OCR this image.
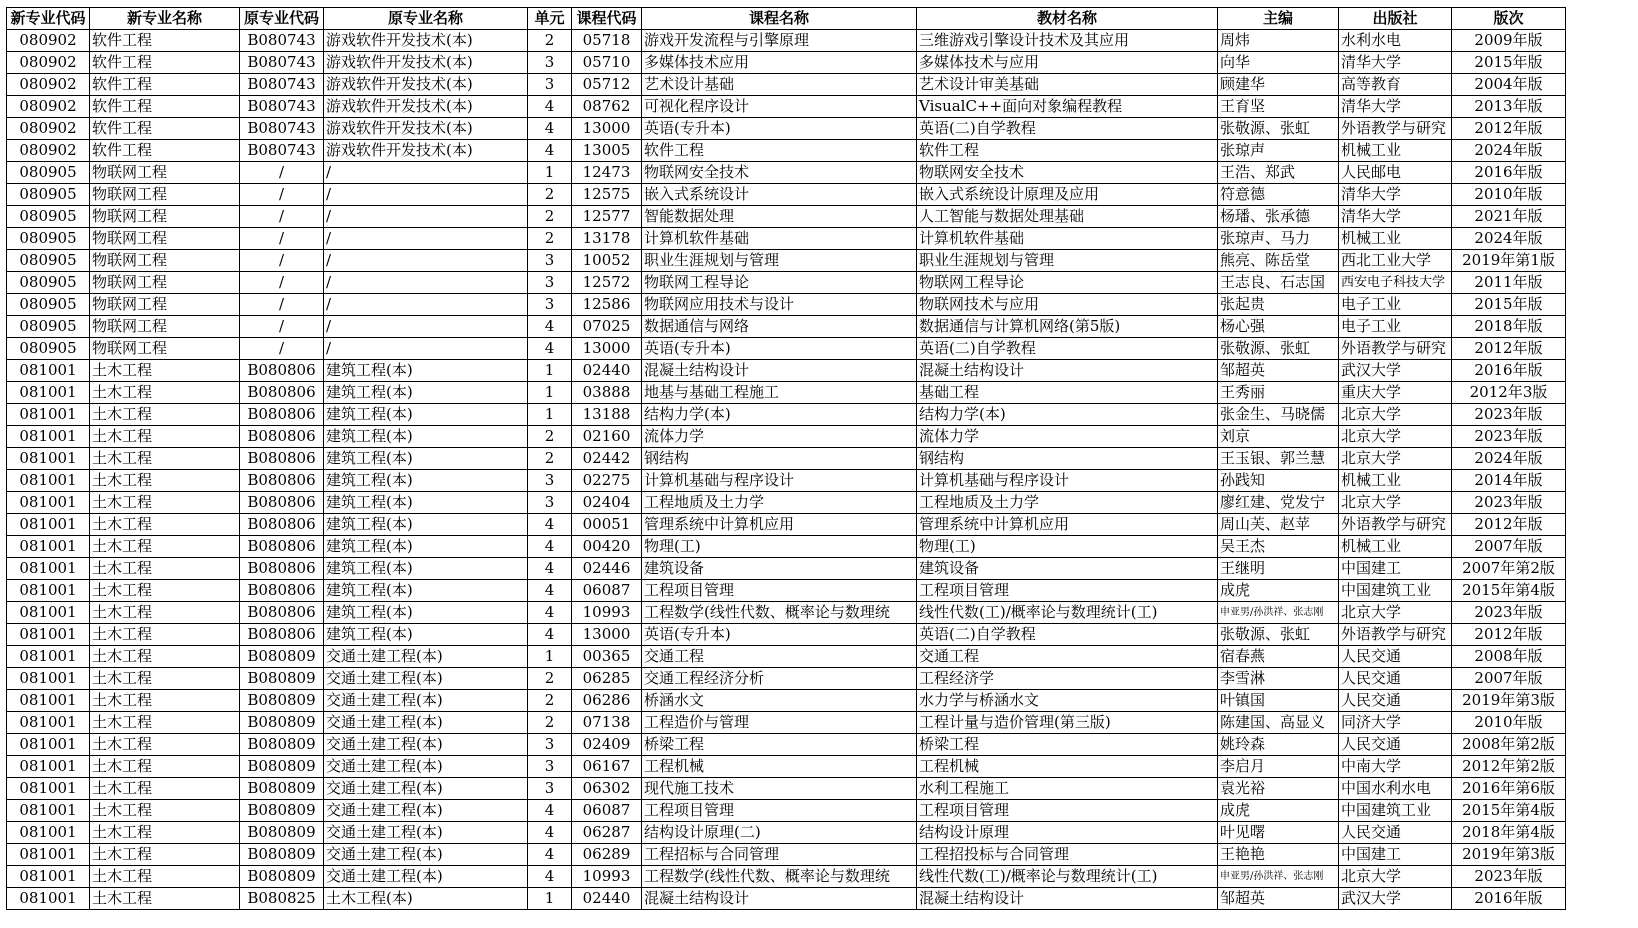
新专业代码	新专业名称	原专业代码	原专业名称	单元	课程代码	课程名称	教材名称	主编	出版社	版次
080902	软件工程	B080743	游戏软件开发技术(本)	2	05718	游戏开发流程与引擎原理	三维游戏引擎设计技术及其应用	周炜	水利水电	2009年版
080902	软件工程	B080743	游戏软件开发技术(本)	3	05710	多媒体技术应用	多媒体技术与应用	向华	清华大学	2015年版
080902	软件工程	B080743	游戏软件开发技术(本)	3	05712	艺术设计基础	艺术设计审美基础	顾建华	高等教育	2004年版
080902	软件工程	B080743	游戏软件开发技术(本)	4	08762	可视化程序设计	VisualC++面向对象编程教程	王育坚	清华大学	2013年版
080902	软件工程	B080743	游戏软件开发技术(本)	4	13000	英语(专升本)	英语(二)自学教程	张敬源、张虹	外语教学与研究	2012年版
080902	软件工程	B080743	游戏软件开发技术(本)	4	13005	软件工程	软件工程	张琼声	机械工业	2024年版
080905	物联网工程	/	/	1	12473	物联网安全技术	物联网安全技术	王浩、郑武	人民邮电	2016年版
080905	物联网工程	/	/	2	12575	嵌入式系统设计	嵌入式系统设计原理及应用	符意德	清华大学	2010年版
080905	物联网工程	/	/	2	12577	智能数据处理	人工智能与数据处理基础	杨璠、张承德	清华大学	2021年版
080905	物联网工程	/	/	2	13178	计算机软件基础	计算机软件基础	张琼声、马力	机械工业	2024年版
080905	物联网工程	/	/	3	10052	职业生涯规划与管理	职业生涯规划与管理	熊亮、陈岳堂	西北工业大学	2019年第1版
080905	物联网工程	/	/	3	12572	物联网工程导论	物联网工程导论	王志良、石志国	西安电子科技大学	2011年版
080905	物联网工程	/	/	3	12586	物联网应用技术与设计	物联网技术与应用	张起贵	电子工业	2015年版
080905	物联网工程	/	/	4	07025	数据通信与网络	数据通信与计算机网络(第5版)	杨心强	电子工业	2018年版
080905	物联网工程	/	/	4	13000	英语(专升本)	英语(二)自学教程	张敬源、张虹	外语教学与研究	2012年版
081001	土木工程	B080806	建筑工程(本)	1	02440	混凝土结构设计	混凝土结构设计	邹超英	武汉大学	2016年版
081001	土木工程	B080806	建筑工程(本)	1	03888	地基与基础工程施工	基础工程	王秀丽	重庆大学	2012年3版
081001	土木工程	B080806	建筑工程(本)	1	13188	结构力学(本)	结构力学(本)	张金生、马晓儒	北京大学	2023年版
081001	土木工程	B080806	建筑工程(本)	2	02160	流体力学	流体力学	刘京	北京大学	2023年版
081001	土木工程	B080806	建筑工程(本)	2	02442	钢结构	钢结构	王玉银、郭兰慧	北京大学	2024年版
081001	土木工程	B080806	建筑工程(本)	3	02275	计算机基础与程序设计	计算机基础与程序设计	孙践知	机械工业	2014年版
081001	土木工程	B080806	建筑工程(本)	3	02404	工程地质及土力学	工程地质及土力学	廖红建、党发宁	北京大学	2023年版
081001	土木工程	B080806	建筑工程(本)	4	00051	管理系统中计算机应用	管理系统中计算机应用	周山芙、赵苹	外语教学与研究	2012年版
081001	土木工程	B080806	建筑工程(本)	4	00420	物理(工)	物理(工)	吴王杰	机械工业	2007年版
081001	土木工程	B080806	建筑工程(本)	4	02446	建筑设备	建筑设备	王继明	中国建工	2007年第2版
081001	土木工程	B080806	建筑工程(本)	4	06087	工程项目管理	工程项目管理	成虎	中国建筑工业	2015年第4版
081001	土木工程	B080806	建筑工程(本)	4	10993	工程数学(线性代数、概率论与数理统	线性代数(工)/概率论与数理统计(工)	申亚男/孙洪祥、张志刚	北京大学	2023年版
081001	土木工程	B080806	建筑工程(本)	4	13000	英语(专升本)	英语(二)自学教程	张敬源、张虹	外语教学与研究	2012年版
081001	土木工程	B080809	交通土建工程(本)	1	00365	交通工程	交通工程	宿春燕	人民交通	2008年版
081001	土木工程	B080809	交通土建工程(本)	2	06285	交通工程经济分析	工程经济学	李雪淋	人民交通	2007年版
081001	土木工程	B080809	交通土建工程(本)	2	06286	桥涵水文	水力学与桥涵水文	叶镇国	人民交通	2019年第3版
081001	土木工程	B080809	交通土建工程(本)	2	07138	工程造价与管理	工程计量与造价管理(第三版)	陈建国、高显义	同济大学	2010年版
081001	土木工程	B080809	交通土建工程(本)	3	02409	桥梁工程	桥梁工程	姚玲森	人民交通	2008年第2版
081001	土木工程	B080809	交通土建工程(本)	3	06167	工程机械	工程机械	李启月	中南大学	2012年第2版
081001	土木工程	B080809	交通土建工程(本)	3	06302	现代施工技术	水利工程施工	袁光裕	中国水利水电	2016年第6版
081001	土木工程	B080809	交通土建工程(本)	4	06087	工程项目管理	工程项目管理	成虎	中国建筑工业	2015年第4版
081001	土木工程	B080809	交通土建工程(本)	4	06287	结构设计原理(二)	结构设计原理	叶见曙	人民交通	2018年第4版
081001	土木工程	B080809	交通土建工程(本)	4	06289	工程招标与合同管理	工程招投标与合同管理	王艳艳	中国建工	2019年第3版
081001	土木工程	B080809	交通土建工程(本)	4	10993	工程数学(线性代数、概率论与数理统	线性代数(工)/概率论与数理统计(工)	申亚男/孙洪祥、张志刚	北京大学	2023年版
081001	土木工程	B080825	土木工程(本)	1	02440	混凝土结构设计	混凝土结构设计	邹超英	武汉大学	2016年版
